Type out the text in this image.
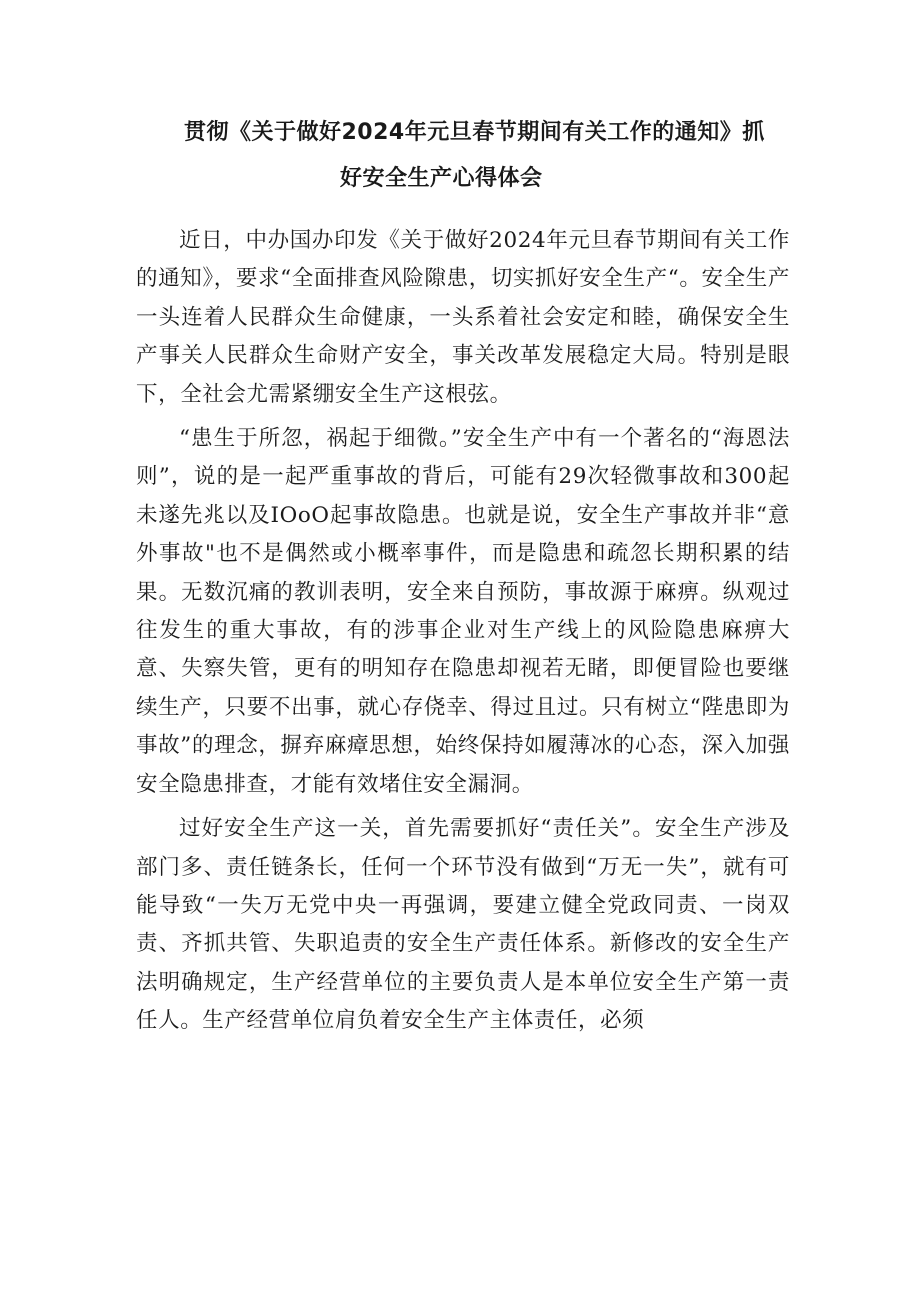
贯彻《关于做好2024年元旦春节期间有关工作的通知》抓
好安全生产心得体会

近日，中办国办印发《关于做好2024年元旦春节期间有关工作的通知》，要求“全面排查风险隙患，切实抓好安全生产“。安全生产一头连着人民群众生命健康，一头系着社会安定和睦，确保安全生产事关人民群众生命财产安全，事关改革发展稳定大局。特别是眼下，全社会尤需紧绷安全生产这根弦。

“患生于所忽，祸起于细微。”安全生产中有一个著名的“海恩法则”，说的是一起严重事故的背后，可能有29次轻微事故和300起未遂先兆以及IOoO起事故隐患。也就是说，安全生产事故并非“意外事故"也不是偶然或小概率事件，而是隐患和疏忽长期积累的结果。无数沉痛的教训表明，安全来自预防，事故源于麻痹。纵观过往发生的重大事故，有的涉事企业对生产线上的风险隐患麻痹大意、失察失管，更有的明知存在隐患却视若无睹，即便冒险也要继续生产，只要不出事，就心存侥幸、得过且过。只有树立“陛患即为事故”的理念，摒弃麻瘴思想，始终保持如履薄冰的心态，深入加强安全隐患排查，才能有效堵住安全漏洞。

过好安全生产这一关，首先需要抓好“责任关”。安全生产涉及部门多、责任链条长，任何一个环节没有做到“万无一失”，就有可能导致“一失万无党中央一再强调，要建立健全党政同责、一岗双责、齐抓共管、失职追责的安全生产责任体系。新修改的安全生产法明确规定，生产经营单位的主要负责人是本单位安全生产第一责任人。生产经营单位肩负着安全生产主体责任，必须
